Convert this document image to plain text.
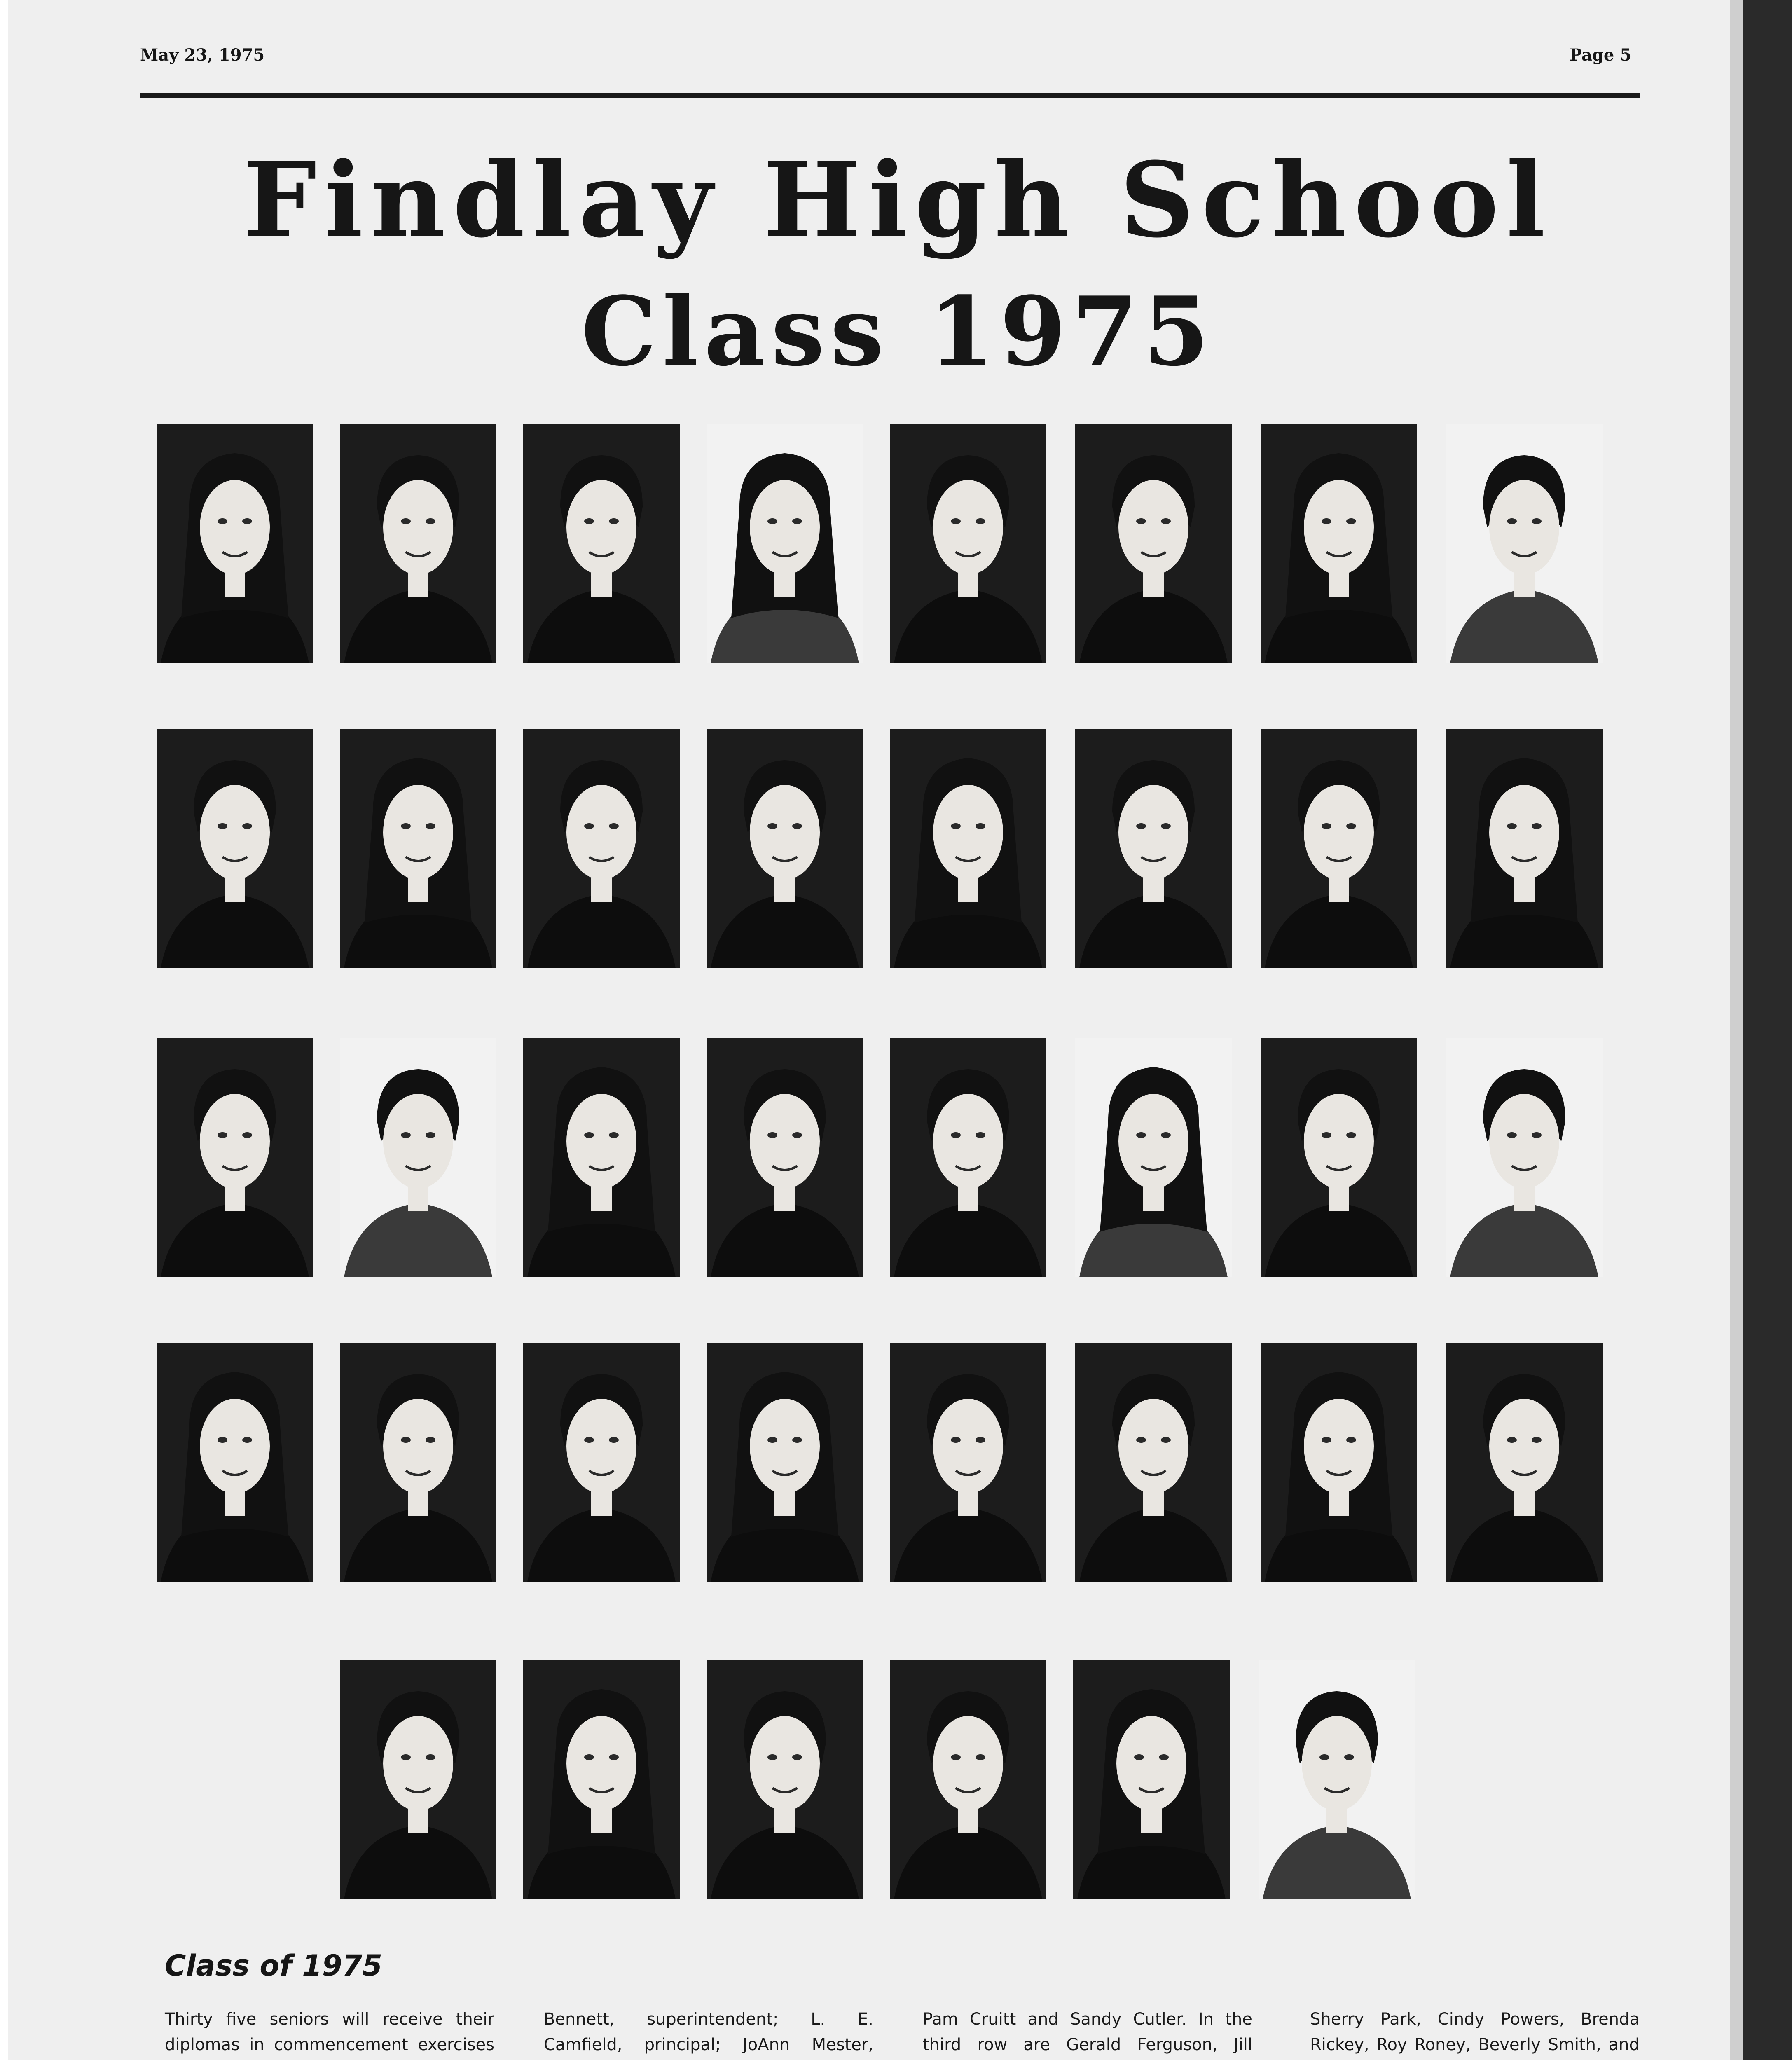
May 23, 1975	Page 5
Findlay High School
Class 1975
Class of 1975
Thirty five seniors will receive their diplomas in commencement exercises
Bennett, superintendent; L. E. Camfield, principal; JoAnn Mester,
Pam Cruitt and Sandy Cutler. In the third row are Gerald Ferguson, Jill
Sherry Park, Cindy Powers, Brenda Rickey, Roy Roney, Beverly Smith, and
